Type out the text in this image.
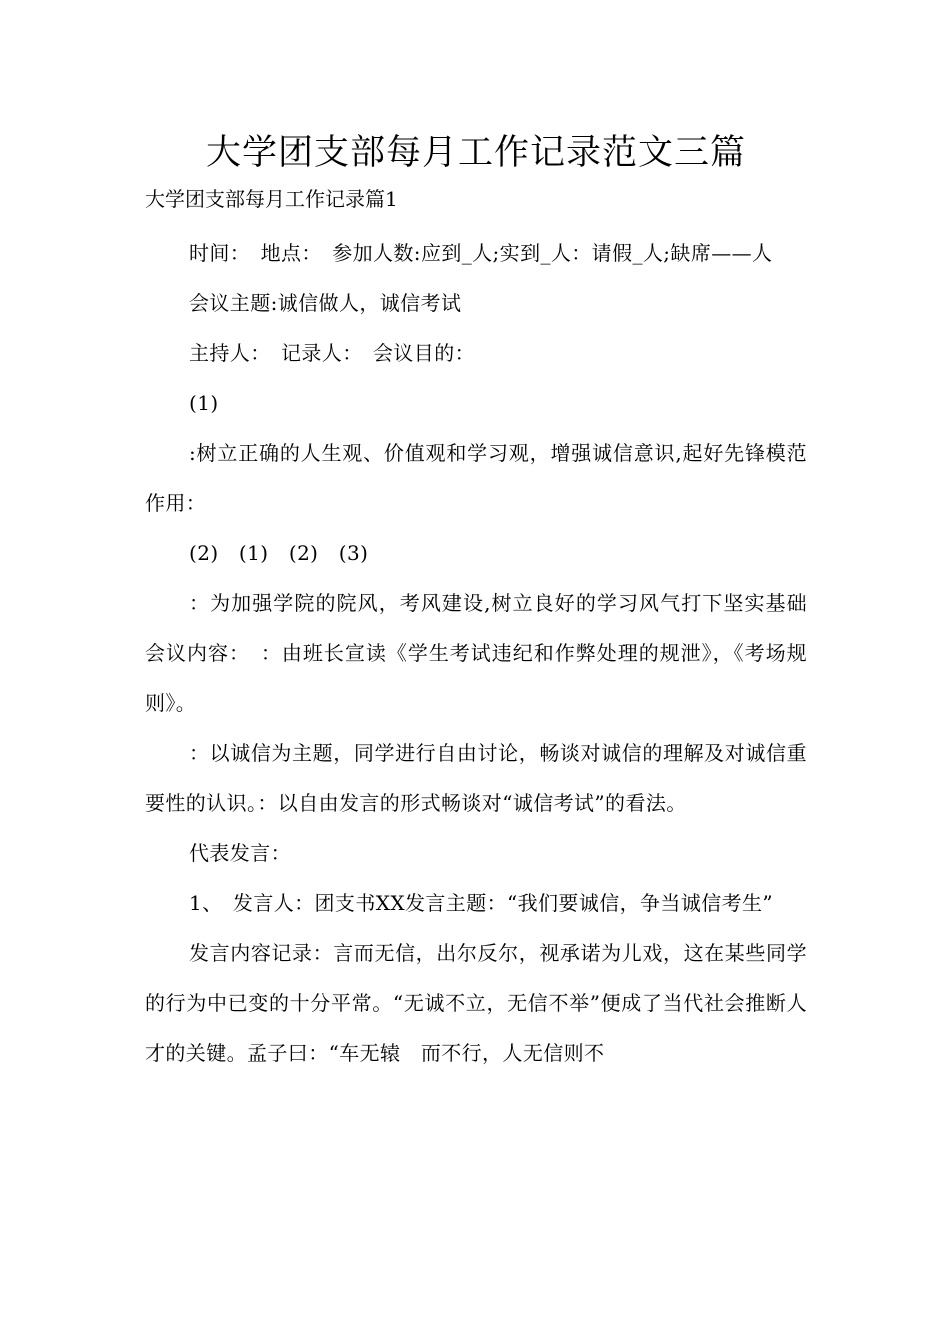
大学团支部每月工作记录范文三篇

大学团支部每月工作记录篇1

时间：　地点：　参加人数:应到_人;实到_人：请假_人;缺席——人

会议主题:诚信做人，诚信考试

主持人：　记录人：　会议目的：

(1)

:树立正确的人生观、价值观和学习观，增强诚信意识,起好先锋模范作用：

(2)　(1)　(2)　(3)

：为加强学院的院风，考风建设,树立良好的学习风气打下坚实基础　会议内容：　：由班长宣读《学生考试违纪和作弊处理的规泄》，《考场规则》。

：以诚信为主题，同学进行自由讨论，畅谈对诚信的理解及对诚信重要性的认识。：以自由发言的形式畅谈对“诚信考试”的看法。

代表发言：

1、　发言人：团支书XX发言主题：“我们要诚信，争当诚信考生”

发言内容记录：言而无信，出尔反尔，视承诺为儿戏，这在某些同学的行为中已变的十分平常。“无诚不立，无信不举”便成了当代社会推断人才的关键。孟子曰：“车无辕　而不行，人无信则不
